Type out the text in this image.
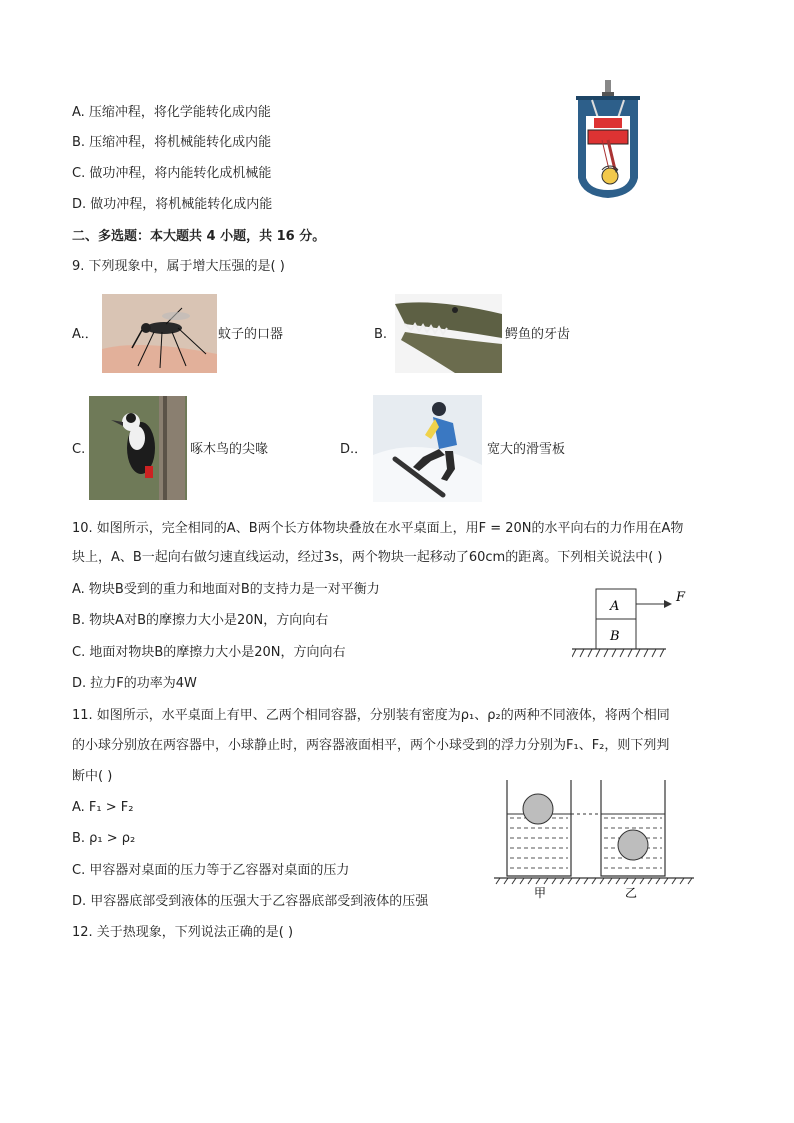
A. 压缩冲程，将化学能转化成内能
B. 压缩冲程，将机械能转化成内能
C. 做功冲程，将内能转化成机械能
D. 做功冲程，将机械能转化成内能
二、多选题：本大题共 4 小题，共 16 分。
9. 下列现象中，属于增大压强的是( )
A.．	蚊子的口器	B.	鳄鱼的牙齿
C.	啄木鸟的尖喙	D.．	宽大的滑雪板
10. 如图所示，完全相同的A、B两个长方体物块叠放在水平桌面上，用F = 20N的水平向右的力作用在A物
块上，A、B一起向右做匀速直线运动，经过3s，两个物块一起移动了60cm的距离。下列相关说法中( )
A. 物块B受到的重力和地面对B的支持力是一对平衡力
B. 物块A对B的摩擦力大小是20N，方向向右
C. 地面对物块B的摩擦力大小是20N，方向向右
D. 拉力F的功率为4W
A
B
F
11. 如图所示，水平桌面上有甲、乙两个相同容器，分别装有密度为ρ₁、ρ₂的两种不同液体，将两个相同
的小球分别放在两容器中，小球静止时，两容器液面相平，两个小球受到的浮力分别为F₁、F₂，则下列判
断中( )
A. F₁ > F₂
B. ρ₁ > ρ₂
C. 甲容器对桌面的压力等于乙容器对桌面的压力
D. 甲容器底部受到液体的压强大于乙容器底部受到液体的压强
甲	乙
12. 关于热现象，下列说法正确的是( )
